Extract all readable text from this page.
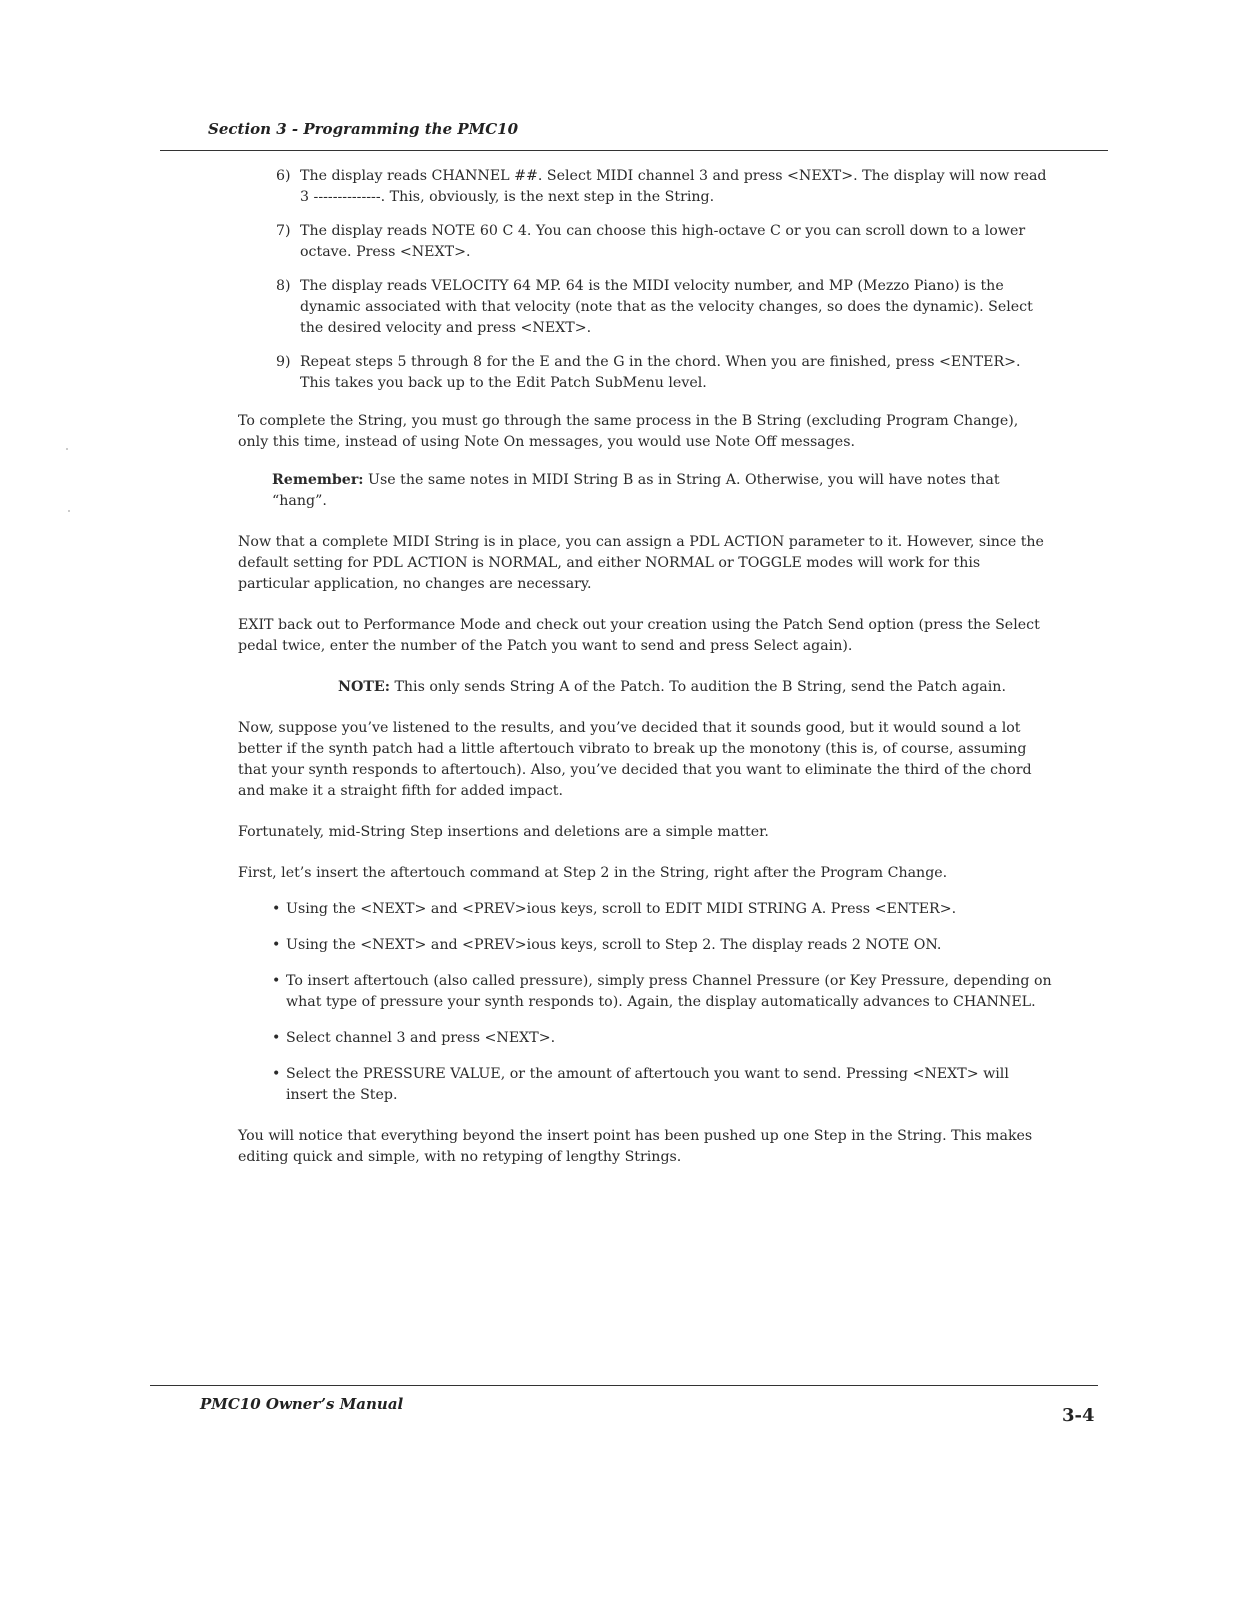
Section 3 - Programming the PMC10

6) The display reads CHANNEL ##. Select MIDI channel 3 and press <NEXT>. The display will now read 3 --------------. This, obviously, is the next step in the String.

7) The display reads NOTE 60 C 4. You can choose this high-octave C or you can scroll down to a lower octave. Press <NEXT>.

8) The display reads VELOCITY 64 MP. 64 is the MIDI velocity number, and MP (Mezzo Piano) is the dynamic associated with that velocity (note that as the velocity changes, so does the dynamic). Select the desired velocity and press <NEXT>.

9) Repeat steps 5 through 8 for the E and the G in the chord. When you are finished, press <ENTER>. This takes you back up to the Edit Patch SubMenu level.

To complete the String, you must go through the same process in the B String (excluding Program Change), only this time, instead of using Note On messages, you would use Note Off messages.

Remember: Use the same notes in MIDI String B as in String A. Otherwise, you will have notes that “hang”.

Now that a complete MIDI String is in place, you can assign a PDL ACTION parameter to it. However, since the default setting for PDL ACTION is NORMAL, and either NORMAL or TOGGLE modes will work for this particular application, no changes are necessary.

EXIT back out to Performance Mode and check out your creation using the Patch Send option (press the Select pedal twice, enter the number of the Patch you want to send and press Select again).

NOTE: This only sends String A of the Patch. To audition the B String, send the Patch again.

Now, suppose you’ve listened to the results, and you’ve decided that it sounds good, but it would sound a lot better if the synth patch had a little aftertouch vibrato to break up the monotony (this is, of course, assuming that your synth responds to aftertouch). Also, you’ve decided that you want to eliminate the third of the chord and make it a straight fifth for added impact.

Fortunately, mid-String Step insertions and deletions are a simple matter.

First, let’s insert the aftertouch command at Step 2 in the String, right after the Program Change.

• Using the <NEXT> and <PREV>ious keys, scroll to EDIT MIDI STRING A. Press <ENTER>.

• Using the <NEXT> and <PREV>ious keys, scroll to Step 2. The display reads 2 NOTE ON.

• To insert aftertouch (also called pressure), simply press Channel Pressure (or Key Pressure, depending on what type of pressure your synth responds to). Again, the display automatically advances to CHANNEL.

• Select channel 3 and press <NEXT>.

• Select the PRESSURE VALUE, or the amount of aftertouch you want to send. Pressing <NEXT> will insert the Step.

You will notice that everything beyond the insert point has been pushed up one Step in the String. This makes editing quick and simple, with no retyping of lengthy Strings.

PMC10 Owner’s Manual
3-4
